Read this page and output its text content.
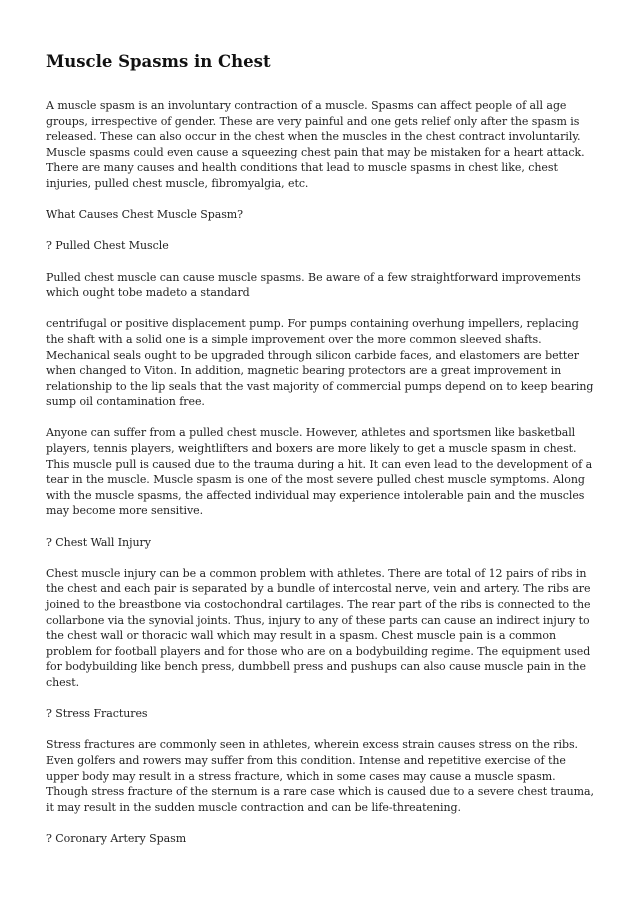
Muscle Spasms in Chest

A muscle spasm is an involuntary contraction of a muscle. Spasms can affect people of all age groups, irrespective of gender. These are very painful and one gets relief only after the spasm is released. These can also occur in the chest when the muscles in the chest contract involuntarily. Muscle spasms could even cause a squeezing chest pain that may be mistaken for a heart attack. There are many causes and health conditions that lead to muscle spasms in chest like, chest injuries, pulled chest muscle, fibromyalgia, etc.

What Causes Chest Muscle Spasm?

? Pulled Chest Muscle

Pulled chest muscle can cause muscle spasms. Be aware of a few straightforward improvements which ought tobe madeto a standard

centrifugal or positive displacement pump. For pumps containing overhung impellers, replacing the shaft with a solid one is a simple improvement over the more common sleeved shafts. Mechanical seals ought to be upgraded through silicon carbide faces, and elastomers are better when changed to Viton. In addition, magnetic bearing protectors are a great improvement in relationship to the lip seals that the vast majority of commercial pumps depend on to keep bearing sump oil contamination free.

Anyone can suffer from a pulled chest muscle. However, athletes and sportsmen like basketball players, tennis players, weightlifters and boxers are more likely to get a muscle spasm in chest. This muscle pull is caused due to the trauma during a hit. It can even lead to the development of a tear in the muscle. Muscle spasm is one of the most severe pulled chest muscle symptoms. Along with the muscle spasms, the affected individual may experience intolerable pain and the muscles may become more sensitive.

? Chest Wall Injury

Chest muscle injury can be a common problem with athletes. There are total of 12 pairs of ribs in the chest and each pair is separated by a bundle of intercostal nerve, vein and artery. The ribs are joined to the breastbone via costochondral cartilages. The rear part of the ribs is connected to the collarbone via the synovial joints. Thus, injury to any of these parts can cause an indirect injury to the chest wall or thoracic wall which may result in a spasm. Chest muscle pain is a common problem for football players and for those who are on a bodybuilding regime. The equipment used for bodybuilding like bench press, dumbbell press and pushups can also cause muscle pain in the chest.

? Stress Fractures

Stress fractures are commonly seen in athletes, wherein excess strain causes stress on the ribs. Even golfers and rowers may suffer from this condition. Intense and repetitive exercise of the upper body may result in a stress fracture, which in some cases may cause a muscle spasm. Though stress fracture of the sternum is a rare case which is caused due to a severe chest trauma, it may result in the sudden muscle contraction and can be life-threatening.

? Coronary Artery Spasm
